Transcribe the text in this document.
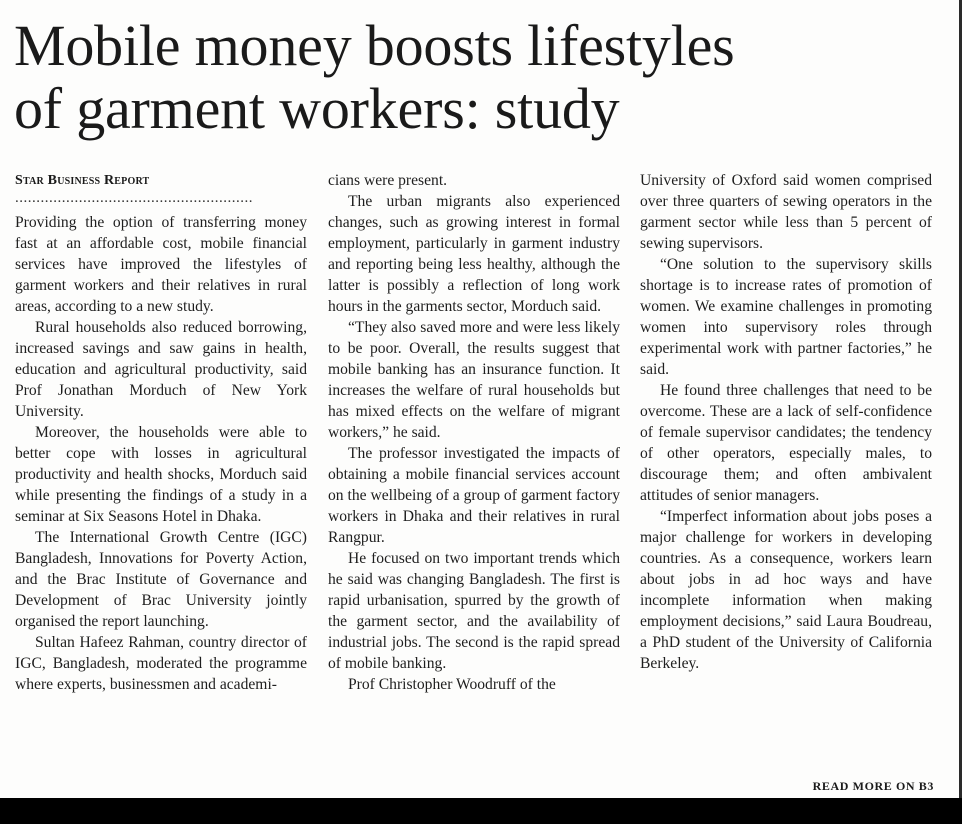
Mobile money boosts lifestyles
of garment workers: study
Star Business Report
........................................................

Providing the option of transferring money fast at an affordable cost, mobile financial services have improved the lifestyles of garment workers and their relatives in rural areas, according to a new study.

Rural households also reduced borrowing, increased savings and saw gains in health, education and agricultural productivity, said Prof Jonathan Morduch of New York University.

Moreover, the households were able to better cope with losses in agricultural productivity and health shocks, Morduch said while presenting the findings of a study in a seminar at Six Seasons Hotel in Dhaka.

The International Growth Centre (IGC) Bangladesh, Innovations for Poverty Action, and the Brac Institute of Governance and Development of Brac University jointly organised the report launching.

Sultan Hafeez Rahman, country director of IGC, Bangladesh, moderated the programme where experts, businessmen and academi-

cians were present.

The urban migrants also experienced changes, such as growing interest in formal employment, particularly in garment industry and reporting being less healthy, although the latter is possibly a reflection of long work hours in the garments sector, Morduch said.

“They also saved more and were less likely to be poor. Overall, the results suggest that mobile banking has an insurance function. It increases the welfare of rural households but has mixed effects on the welfare of migrant workers,” he said.

The professor investigated the impacts of obtaining a mobile financial services account on the wellbeing of a group of garment factory workers in Dhaka and their relatives in rural Rangpur.

He focused on two important trends which he said was changing Bangladesh. The first is rapid urbanisation, spurred by the growth of the garment sector, and the availability of industrial jobs. The second is the rapid spread of mobile banking.

Prof Christopher Woodruff of the

University of Oxford said women comprised over three quarters of sewing operators in the garment sector while less than 5 percent of sewing supervisors.

“One solution to the supervisory skills shortage is to increase rates of promotion of women. We examine challenges in promoting women into supervisory roles through experimental work with partner factories,” he said.

He found three challenges that need to be overcome. These are a lack of self-confidence of female supervisor candidates; the tendency of other operators, especially males, to discourage them; and often ambivalent attitudes of senior managers.

“Imperfect information about jobs poses a major challenge for workers in developing countries. As a consequence, workers learn about jobs in ad hoc ways and have incomplete information when making employment decisions,” said Laura Boudreau, a PhD student of the University of California Berkeley.

READ MORE ON B3
